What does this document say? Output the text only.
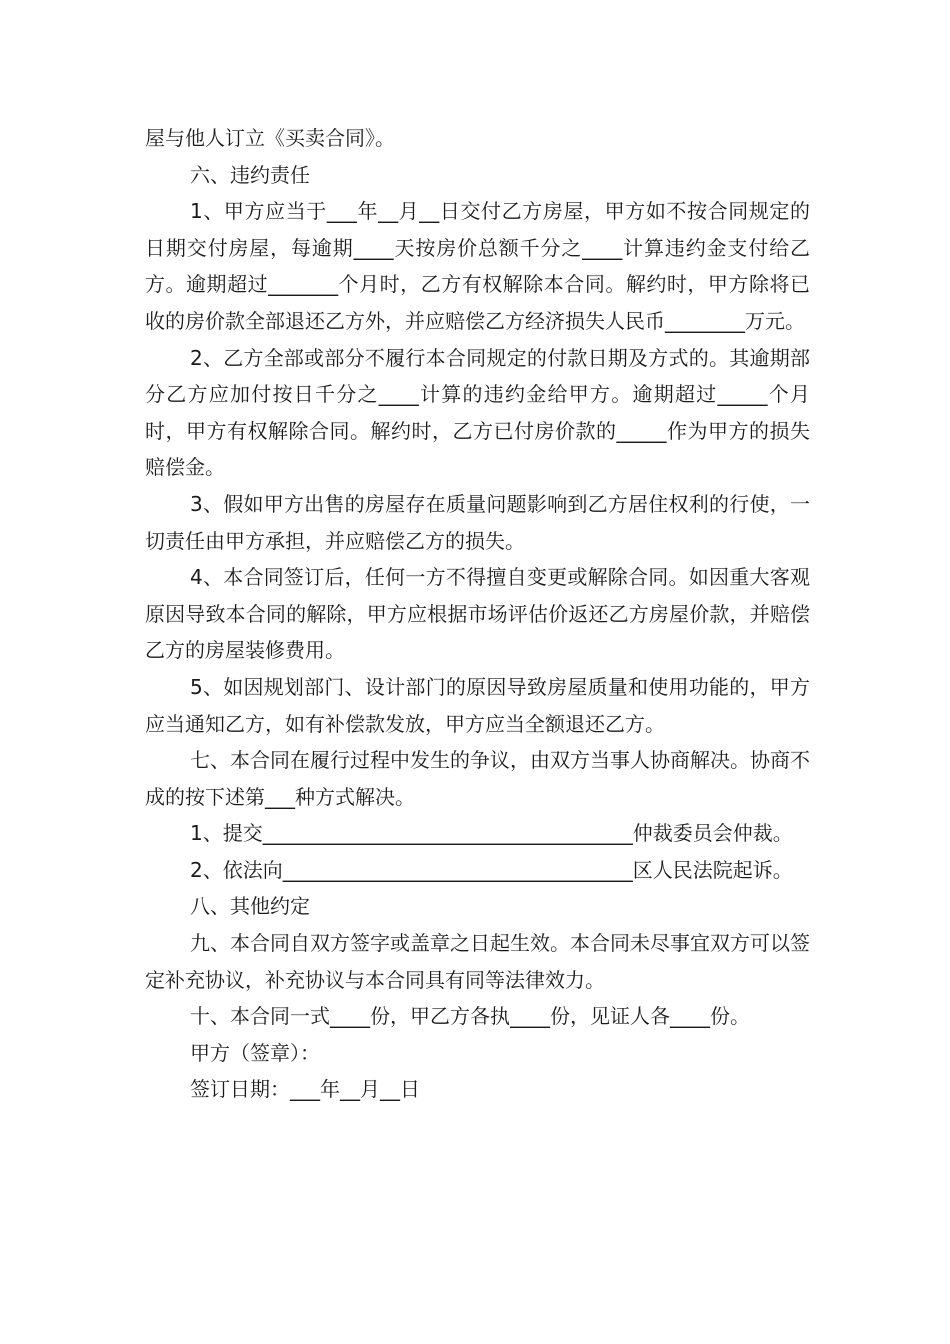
屋与他人订立《买卖合同》。

六、违约责任

1、甲方应当于___年__月__日交付乙方房屋，甲方如不按合同规定的日期交付房屋，每逾期____天按房价总额千分之____计算违约金支付给乙方。逾期超过_______个月时，乙方有权解除本合同。解约时，甲方除将已收的房价款全部退还乙方外，并应赔偿乙方经济损失人民币________万元。

2、乙方全部或部分不履行本合同规定的付款日期及方式的。其逾期部分乙方应加付按日千分之____计算的违约金给甲方。逾期超过_____个月时，甲方有权解除合同。解约时，乙方已付房价款的_____作为甲方的损失赔偿金。

3、假如甲方出售的房屋存在质量问题影响到乙方居住权利的行使，一切责任由甲方承担，并应赔偿乙方的损失。

4、本合同签订后，任何一方不得擅自变更或解除合同。如因重大客观原因导致本合同的解除，甲方应根据市场评估价返还乙方房屋价款，并赔偿乙方的房屋装修费用。

5、如因规划部门、设计部门的原因导致房屋质量和使用功能的，甲方应当通知乙方，如有补偿款发放，甲方应当全额退还乙方。

七、本合同在履行过程中发生的争议，由双方当事人协商解决。协商不成的按下述第___种方式解决。

1、提交_____________________________________仲裁委员会仲裁。

2、依法向___________________________________区人民法院起诉。

八、其他约定

九、本合同自双方签字或盖章之日起生效。本合同未尽事宜双方可以签定补充协议，补充协议与本合同具有同等法律效力。

十、本合同一式____份，甲乙方各执____份，见证人各____份。

甲方（签章）：

签订日期：___年__月__日
